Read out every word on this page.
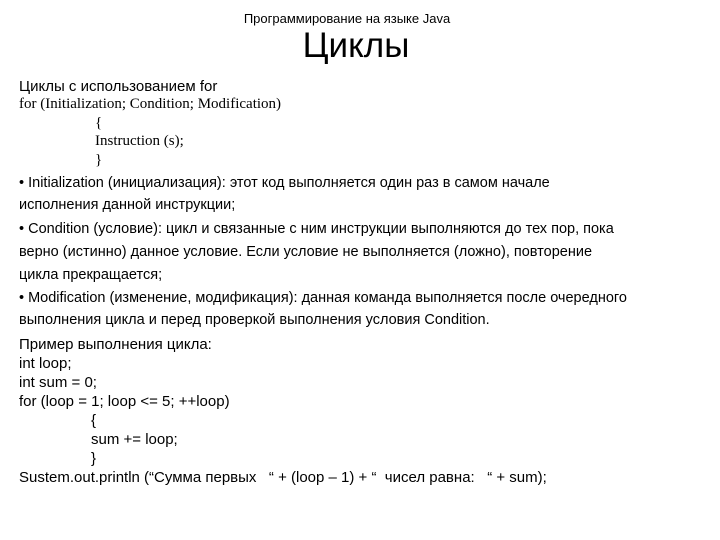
Программирование на языке Java
Циклы
Циклы с использованием for
for (Initialization; Condition; Modification)
{
Instruction (s);
}
• Initialization (инициализация): этот код выполняется один раз в самом начале
исполнения данной инструкции;
• Condition (условие): цикл и связанные с ним инструкции выполняются до тех пор, пока
верно (истинно) данное условие. Если условие не выполняется (ложно), повторение
цикла прекращается;
• Modification (изменение, модификация): данная команда выполняется после очередного
выполнения цикла и перед проверкой выполнения условия Condition.
Пример выполнения цикла:
int loop;
int sum = 0;
for (loop = 1; loop <= 5; ++loop)
{
sum += loop;
}
Sustem.out.println (“Сумма первых   “ + (loop – 1) + “  чисел равна:   “ + sum);
